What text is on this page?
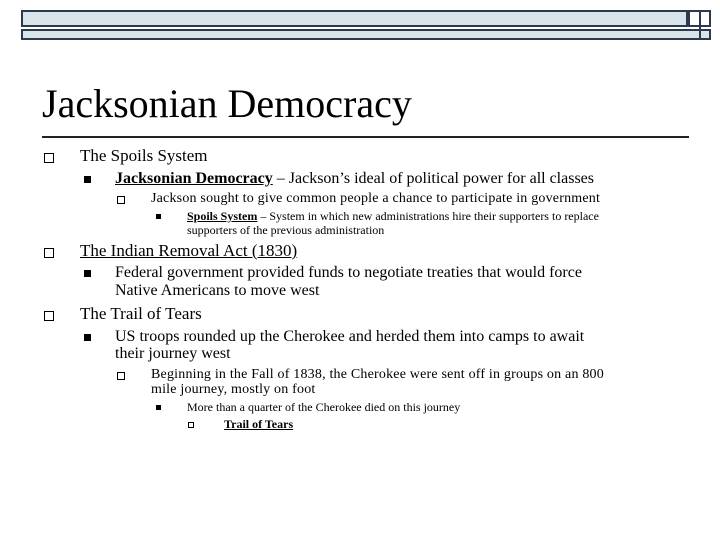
Jacksonian Democracy
The Spoils System
Jacksonian Democracy – Jackson’s ideal of political power for all classes
Jackson sought to give common people a chance to participate in government
Spoils System – System in which new administrations hire their supporters to replace
supporters of the previous administration
The Indian Removal Act (1830)
Federal government provided funds to negotiate treaties that would force
Native Americans to move west
The Trail of Tears
US troops rounded up the Cherokee and herded them into camps to await
their journey west
Beginning in the Fall of 1838, the Cherokee were sent off in groups on an 800
mile journey, mostly on foot
More than a quarter of the Cherokee died on this journey
Trail of Tears
